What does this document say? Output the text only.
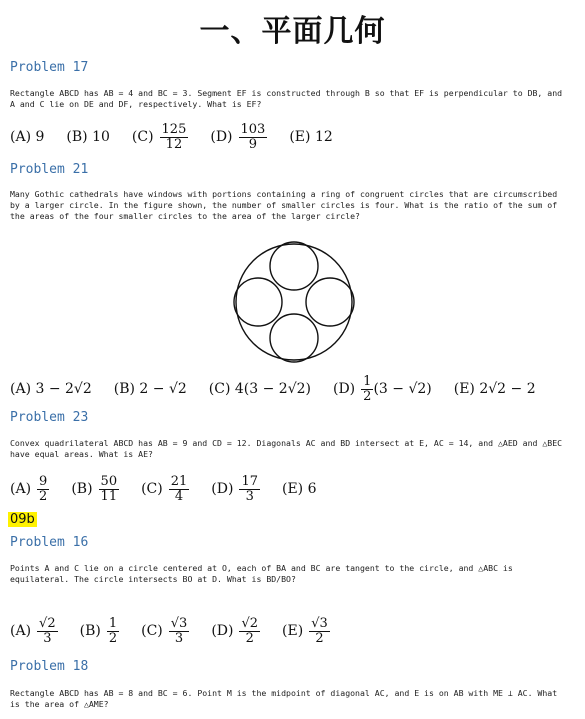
一、平面几何
Problem 17
Rectangle ABCD has AB = 4 and BC = 3. Segment EF is constructed through B so that EF is perpendicular to DB, and A and C lie on DE and DF, respectively. What is EF?
(A) 9 (B) 10 $(C) \frac{125}{12} (D) \frac{103}{9} (E)$ 12
Problem 21
Many Gothic cathedrals have windows with portions containing a ring of congruent circles that are circumscribed by a larger circle. In the figure shown, the number of smaller circles is four. What is the ratio of the sum of the areas of the four smaller circles to the area of the larger circle?
(A) 3 − 2√2 (B) 2 − √2 (C) 4(3 − 2√2) $(D) \frac{1}{2} (3 - √2)$ (E) 2√2 − 2
Problem 23
Convex quadrilateral ABCD has AB = 9 and CD = 12. Diagonals AC and BD intersect at E, AC = 14, and △AED and △BEC have equal areas. What is AE?
$(A) \frac{9}{2} (B) \frac{50}{11} (C) \frac{21}{4} (D) \frac{17}{3} (E)$ 6
09b
Problem 16
Points A and C lie on a circle centered at O, each of BA and BC are tangent to the circle, and △ABC is equilateral. The circle intersects BO at D. What is BD/BO?
$(A) \frac{√2}{3} (B) \frac{1}{2} (C) \frac{√3}{3} (D) \frac{√2}{2} (E) \frac{√3}{2}$
Problem 18
Rectangle ABCD has AB = 8 and BC = 6. Point M is the midpoint of diagonal AC, and E is on AB with ME ⊥ AC. What is the area of △AME?
